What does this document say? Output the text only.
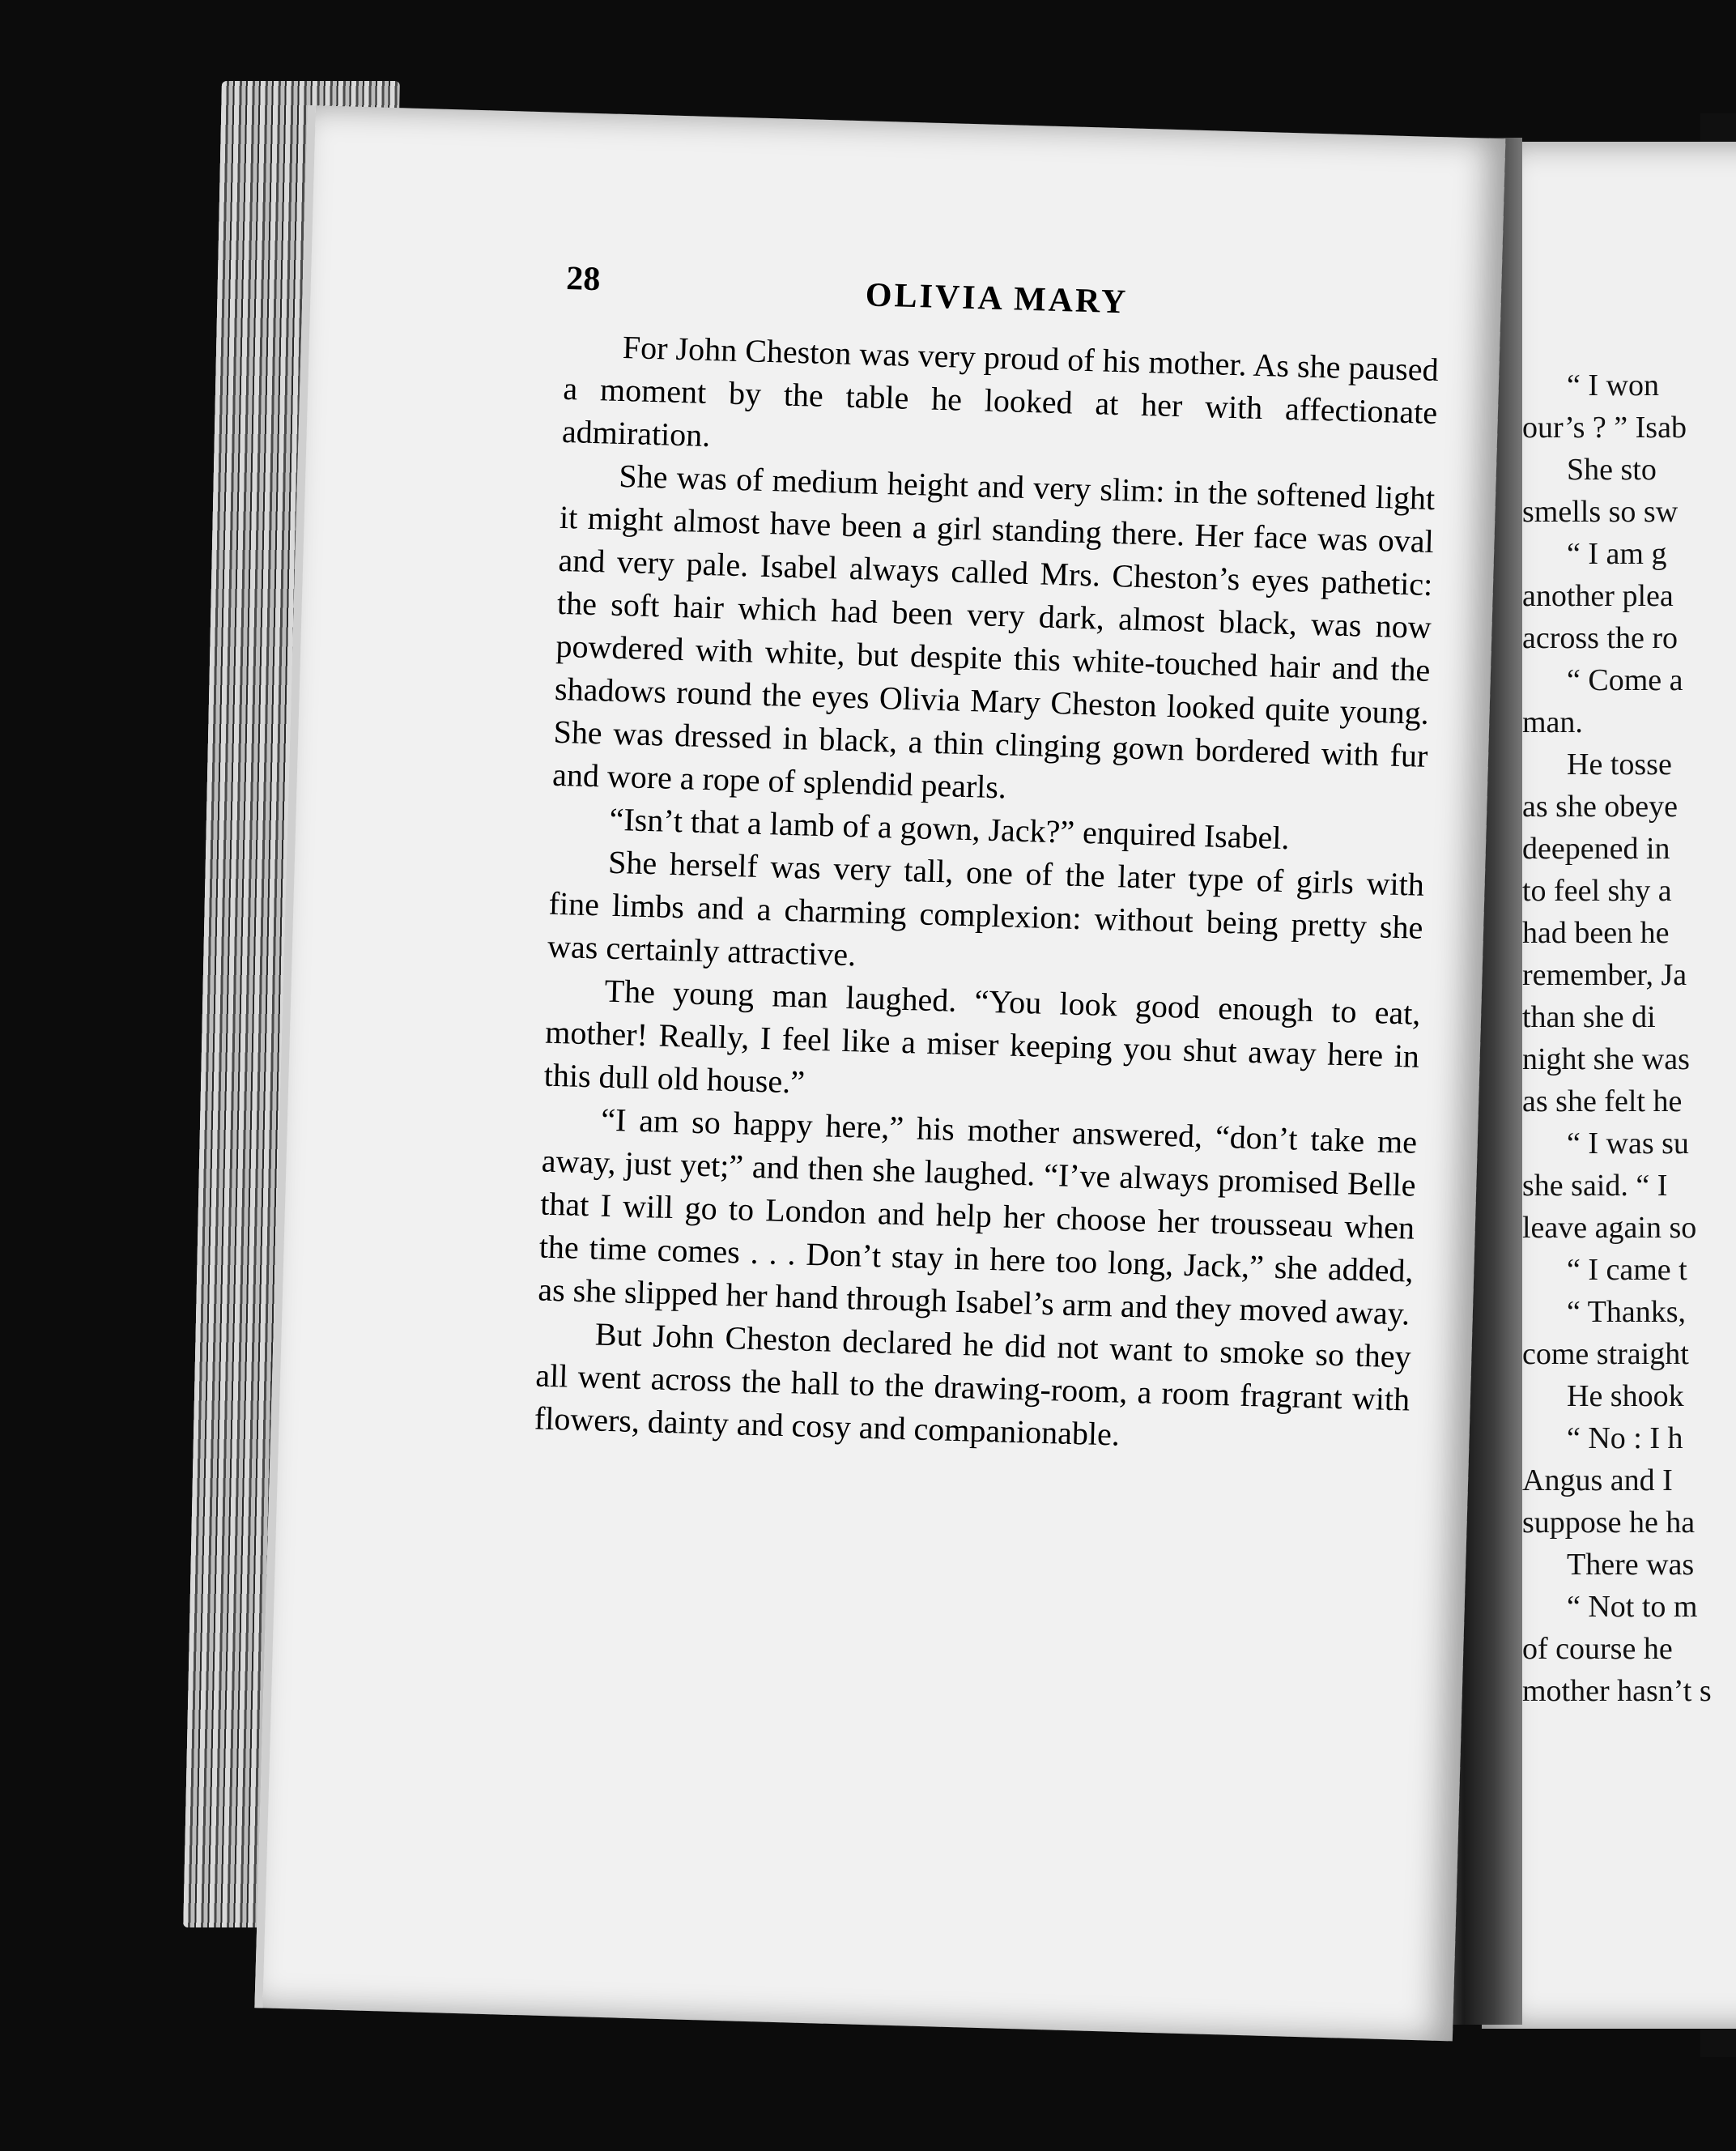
28	OLIVIA MARY

For John Cheston was very proud of his mother. As she paused a moment by the table he looked at her with affectionate admiration.

She was of medium height and very slim: in the softened light it might almost have been a girl standing there. Her face was oval and very pale. Isabel always called Mrs. Cheston’s eyes pathetic: the soft hair which had been very dark, almost black, was now powdered with white, but despite this white-touched hair and the shadows round the eyes Olivia Mary Cheston looked quite young. She was dressed in black, a thin clinging gown bordered with fur and wore a rope of splendid pearls.

“Isn’t that a lamb of a gown, Jack?” enquired Isabel.

She herself was very tall, one of the later type of girls with fine limbs and a charming complexion: without being pretty she was certainly attractive.

The young man laughed. “You look good enough to eat, mother! Really, I feel like a miser keeping you shut away here in this dull old house.”

“I am so happy here,” his mother answered, “don’t take me away, just yet;” and then she laughed. “I’ve always promised Belle that I will go to London and help her choose her trousseau when the time comes . . . Don’t stay in here too long, Jack,” she added, as she slipped her hand through Isabel’s arm and they moved away.

But John Cheston declared he did not want to smoke so they all went across the hall to the drawing-room, a room fragrant with flowers, dainty and cosy and companionable.

“ I won
our’s ? ” Isab
She sto
smells so sw
“ I am g
another plea
across the ro
“ Come a
man.
He tosse
as she obeye
deepened in
to feel shy a
had been he
remember, Ja
than she di
night she was
as she felt he
“ I was su
she said. “ I
leave again so
“ I came t
“ Thanks,
come straight
He shook
“ No : I h
Angus and I
suppose he ha
There was
“ Not to m
of course he
mother hasn’t s
